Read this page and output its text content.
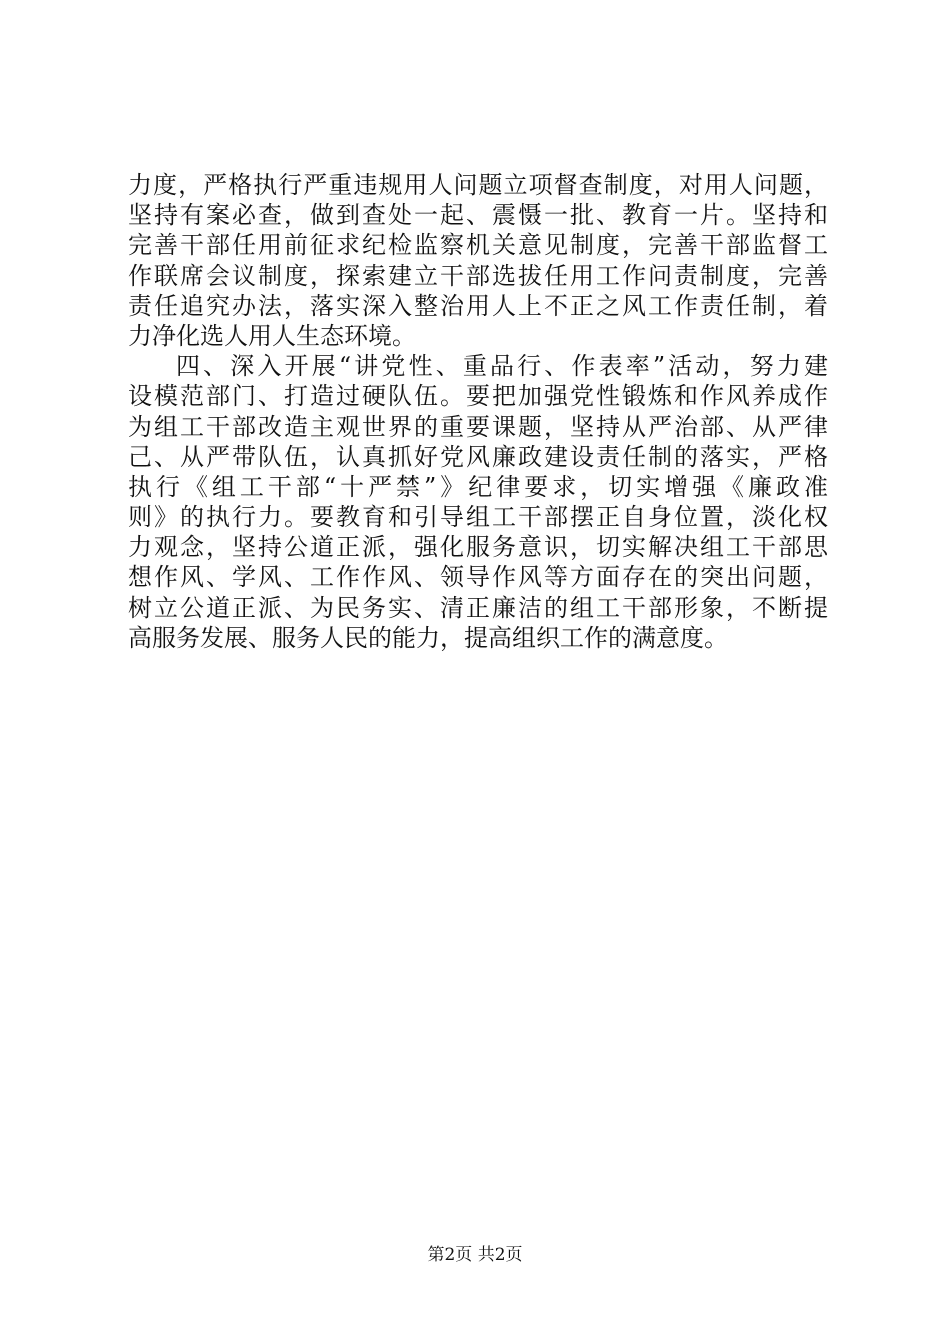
力度，严格执行严重违规用人问题立项督查制度，对用人问题，
坚持有案必查，做到查处一起、震慑一批、教育一片。坚持和
完善干部任用前征求纪检监察机关意见制度，完善干部监督工
作联席会议制度，探索建立干部选拔任用工作问责制度，完善
责任追究办法，落实深入整治用人上不正之风工作责任制，着
力净化选人用人生态环境。
四、深入开展“讲党性、重品行、作表率”活动，努力建
设模范部门、打造过硬队伍。要把加强党性锻炼和作风养成作
为组工干部改造主观世界的重要课题，坚持从严治部、从严律
己、从严带队伍，认真抓好党风廉政建设责任制的落实，严格
执行《组工干部“十严禁”》纪律要求，切实增强《廉政准
则》的执行力。要教育和引导组工干部摆正自身位置，淡化权
力观念，坚持公道正派，强化服务意识，切实解决组工干部思
想作风、学风、工作作风、领导作风等方面存在的突出问题，
树立公道正派、为民务实、清正廉洁的组工干部形象，不断提
高服务发展、服务人民的能力，提高组织工作的满意度。
第2页 共2页
